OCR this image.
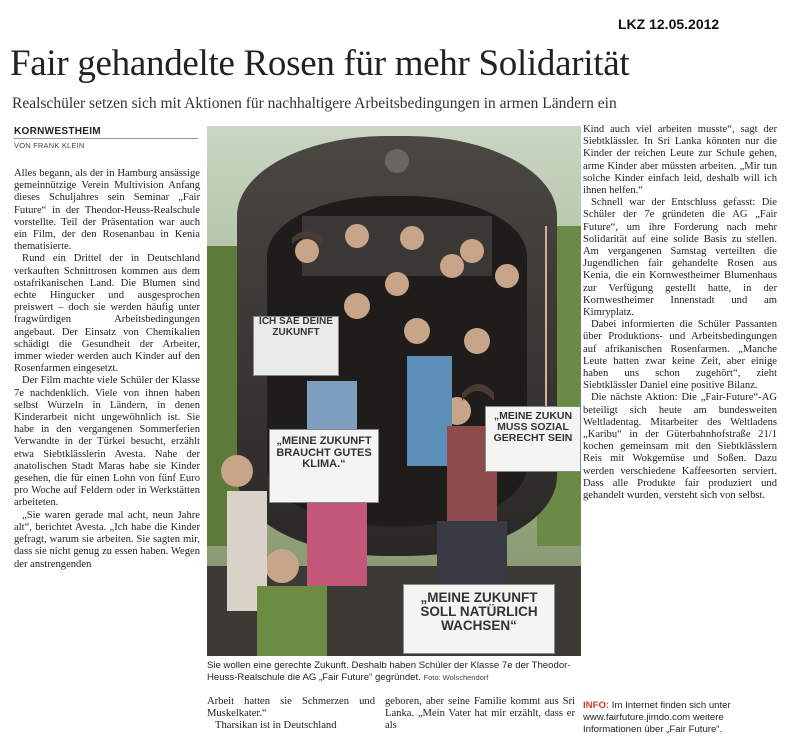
LKZ 12.05.2012
Fair gehandelte Rosen für mehr Solidarität
Realschüler setzen sich mit Aktionen für nachhaltigere Arbeitsbedingungen in armen Ländern ein
KORNWESTHEIM
VON FRANK KLEIN

Alles begann, als der in Hamburg ansässige gemeinnützige Verein Multivision Anfang dieses Schuljahres sein Seminar „Fair Future“ in der Theodor-Heuss-Realschule vorstellte. Teil der Präsentation war auch ein Film, der den Rosenanbau in Kenia thematisierte.

Rund ein Drittel der in Deutschland verkauften Schnittrosen kommen aus dem ostafrikanischen Land. Die Blumen sind echte Hingucker und ausgesprochen preiswert – doch sie werden häufig unter fragwürdigen Arbeitsbedingungen angebaut. Der Einsatz von Chemikalien schädigt die Gesundheit der Arbeiter, immer wieder werden auch Kinder auf den Rosenfarmen eingesetzt.

Der Film machte viele Schüler der Klasse 7e nachdenklich. Viele von ihnen haben selbst Wurzeln in Ländern, in denen Kinderarbeit nicht ungewöhnlich ist. Sie habe in den vergangenen Sommerferien Verwandte in der Türkei besucht, erzählt etwa Siebtklässlerin Avesta. Nahe der anatolischen Stadt Maras habe sie Kinder gesehen, die für einen Lohn von fünf Euro pro Woche auf Feldern oder in Werkstätten arbeiteten.

„Sie waren gerade mal acht, neun Jahre alt“, berichtet Avesta. „Ich habe die Kinder gefragt, warum sie arbeiten. Sie sagten mir, dass sie nicht genug zu essen haben. Wegen der anstrengenden

ICH SÄE DEINE ZUKUNFT
„MEINE ZUKUNFT BRAUCHT GUTES KLIMA.“
„MEINE ZUKUN MUSS SOZIAL GERECHT SEIN
„MEINE ZUKUNFT SOLL NATÜRLICH WACHSEN“
Sie wollen eine gerechte Zukunft. Deshalb haben Schüler der Klasse 7e der Theodor-Heuss-Realschule die AG „Fair Future“ gegründet. Foto: Wolschendorf

Arbeit hatten sie Schmerzen und Muskelkater.“

Tharsikan ist in Deutschland

geboren, aber seine Familie kommt aus Sri Lanka. „Mein Vater hat mir erzählt, dass er als

Kind auch viel arbeiten musste“, sagt der Siebtklässler. In Sri Lanka könnten nur die Kinder der reichen Leute zur Schule gehen, arme Kinder aber müssten arbeiten. „Mir tun solche Kinder einfach leid, deshalb will ich ihnen helfen.“

Schnell war der Entschluss gefasst: Die Schüler der 7e gründeten die AG „Fair Future“, um ihre Forderung nach mehr Solidarität auf eine solide Basis zu stellen. Am vergangenen Samstag verteilten die Jugendlichen fair gehandelte Rosen aus Kenia, die ein Kornwestheimer Blumenhaus zur Verfügung gestellt hatte, in der Kornwestheimer Innenstadt und am Kimryplatz.

Dabei informierten die Schüler Passanten über Produktions- und Arbeitsbedingungen auf afrikanischen Rosenfarmen. „Manche Leute hatten zwar keine Zeit, aber einige haben uns schon zugehört“, zieht Siebtklässler Daniel eine positive Bilanz.

Die nächste Aktion: Die „Fair-Future“-AG beteiligt sich heute am bundesweiten Weltladentag. Mitarbeiter des Weltladens „Karibu“ in der Güterbahnhofstraße 21/1 kochen gemeinsam mit den Siebtklässlern Reis mit Wokgemüse und Soßen. Dazu werden verschiedene Kaffeesorten serviert. Dass alle Produkte fair produziert und gehandelt wurden, versteht sich von selbst.

INFO: Im Internet finden sich unter www.fairfuture.jimdo.com weitere Informationen über „Fair Future“.
